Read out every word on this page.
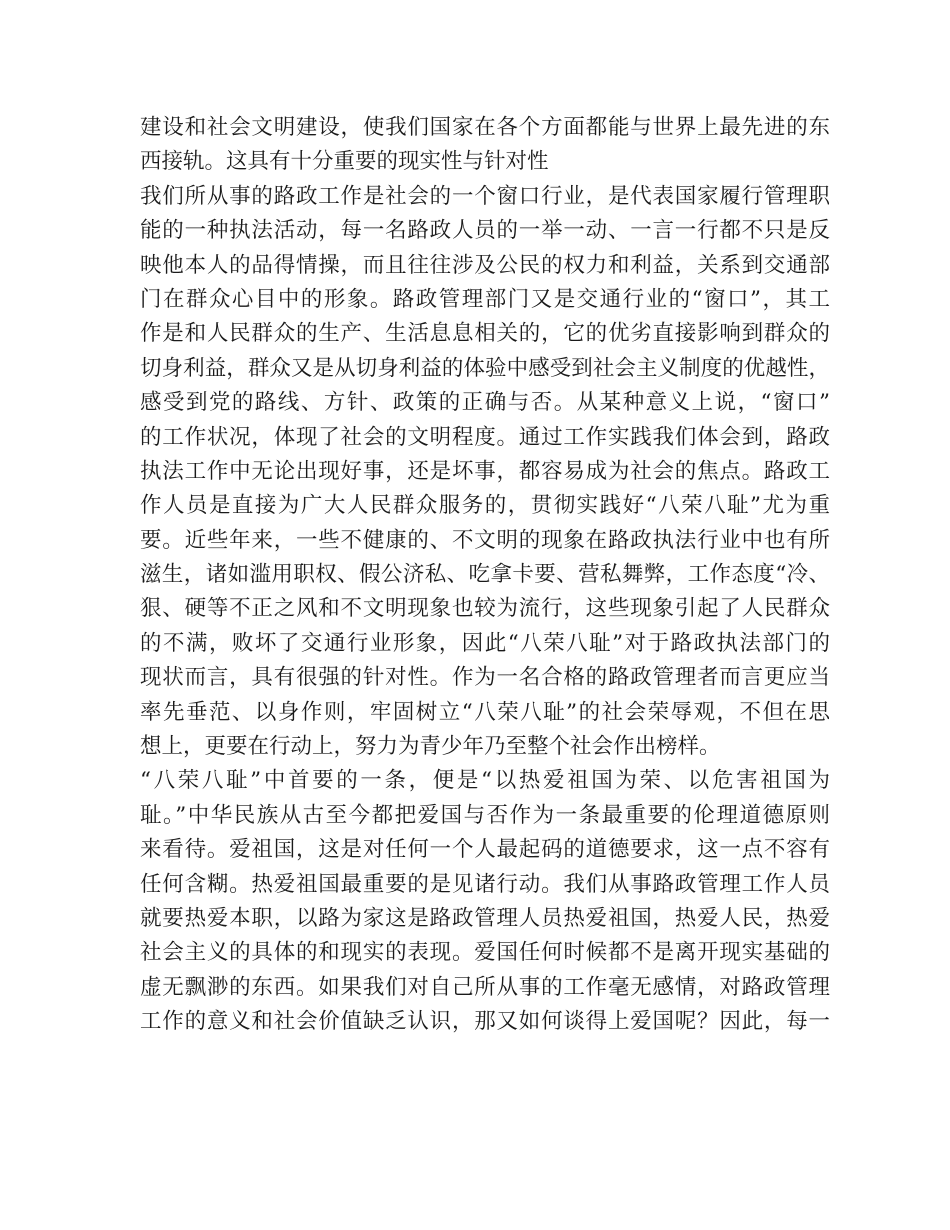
建设和社会文明建设，使我们国家在各个方面都能与世界上最先进的东
西接轨。这具有十分重要的现实性与针对性
我们所从事的路政工作是社会的一个窗口行业，是代表国家履行管理职
能的一种执法活动，每一名路政人员的一举一动、一言一行都不只是反
映他本人的品得情操，而且往往涉及公民的权力和利益，关系到交通部
门在群众心目中的形象。路政管理部门又是交通行业的“窗口”，其工
作是和人民群众的生产、生活息息相关的，它的优劣直接影响到群众的
切身利益，群众又是从切身利益的体验中感受到社会主义制度的优越性，
感受到党的路线、方针、政策的正确与否。从某种意义上说，“窗口”
的工作状况，体现了社会的文明程度。通过工作实践我们体会到，路政
执法工作中无论出现好事，还是坏事，都容易成为社会的焦点。路政工
作人员是直接为广大人民群众服务的，贯彻实践好“八荣八耻”尤为重
要。近些年来，一些不健康的、不文明的现象在路政执法行业中也有所
滋生，诸如滥用职权、假公济私、吃拿卡要、营私舞弊，工作态度“冷、
狠、硬等不正之风和不文明现象也较为流行，这些现象引起了人民群众
的不满，败坏了交通行业形象，因此“八荣八耻”对于路政执法部门的
现状而言，具有很强的针对性。作为一名合格的路政管理者而言更应当
率先垂范、以身作则，牢固树立“八荣八耻”的社会荣辱观，不但在思
想上，更要在行动上，努力为青少年乃至整个社会作出榜样。
“八荣八耻”中首要的一条，便是“以热爱祖国为荣、以危害祖国为
耻。”中华民族从古至今都把爱国与否作为一条最重要的伦理道德原则
来看待。爱祖国，这是对任何一个人最起码的道德要求，这一点不容有
任何含糊。热爱祖国最重要的是见诸行动。我们从事路政管理工作人员
就要热爱本职，以路为家这是路政管理人员热爱祖国，热爱人民，热爱
社会主义的具体的和现实的表现。爱国任何时候都不是离开现实基础的
虚无飘渺的东西。如果我们对自己所从事的工作毫无感情，对路政管理
工作的意义和社会价值缺乏认识，那又如何谈得上爱国呢？因此，每一
